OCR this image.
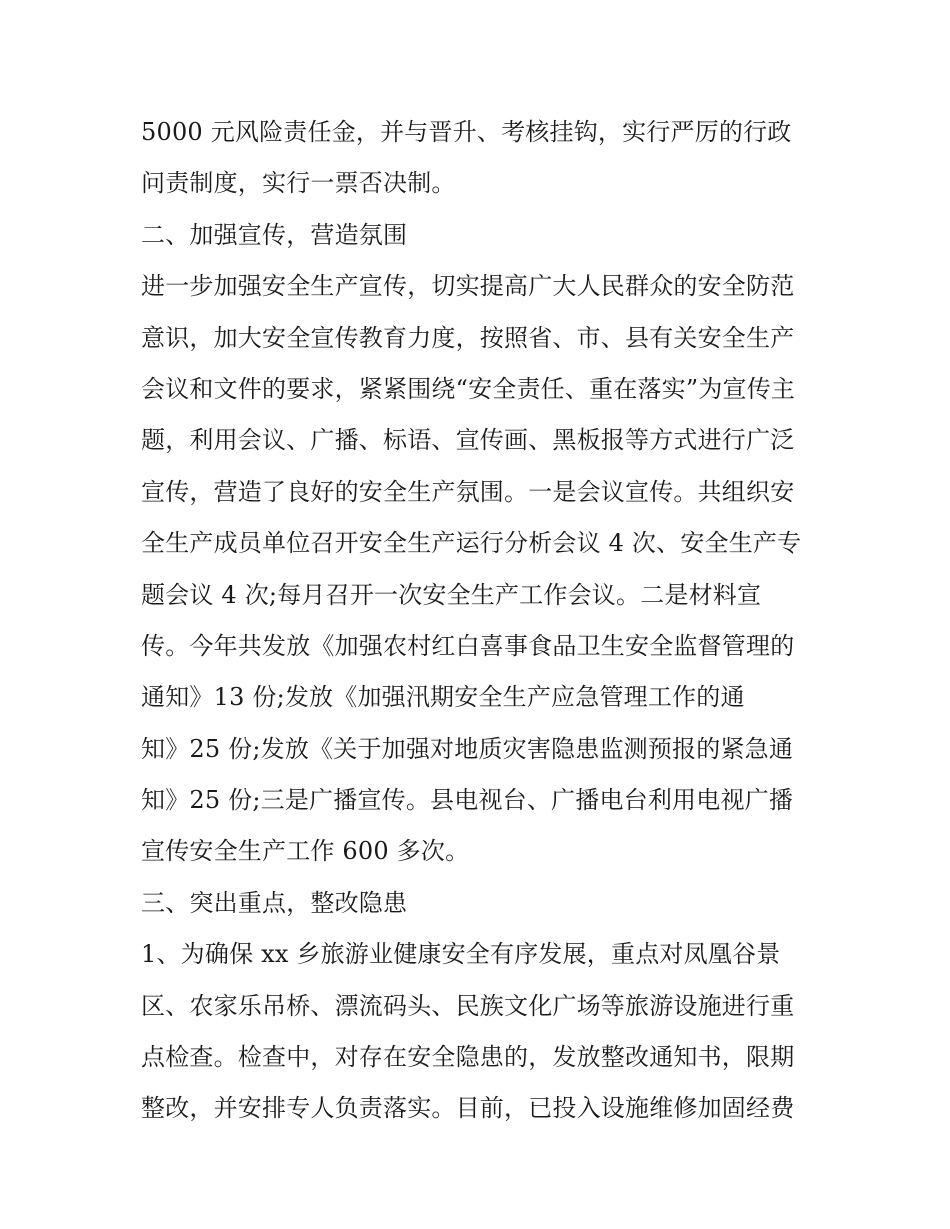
5000 元风险责任金，并与晋升、考核挂钩，实行严厉的行政
问责制度，实行一票否决制。
二、加强宣传，营造氛围
进一步加强安全生产宣传，切实提高广大人民群众的安全防范
意识，加大安全宣传教育力度，按照省、市、县有关安全生产
会议和文件的要求，紧紧围绕“安全责任、重在落实”为宣传主
题，利用会议、广播、标语、宣传画、黑板报等方式进行广泛
宣传，营造了良好的安全生产氛围。一是会议宣传。共组织安
全生产成员单位召开安全生产运行分析会议 4 次、安全生产专
题会议 4 次;每月召开一次安全生产工作会议。二是材料宣
传。今年共发放《加强农村红白喜事食品卫生安全监督管理的
通知》13 份;发放《加强汛期安全生产应急管理工作的通
知》25 份;发放《关于加强对地质灾害隐患监测预报的紧急通
知》25 份;三是广播宣传。县电视台、广播电台利用电视广播
宣传安全生产工作 600 多次。
三、突出重点，整改隐患
1、为确保 xx 乡旅游业健康安全有序发展，重点对凤凰谷景
区、农家乐吊桥、漂流码头、民族文化广场等旅游设施进行重
点检查。检查中，对存在安全隐患的，发放整改通知书，限期
整改，并安排专人负责落实。目前，已投入设施维修加固经费
